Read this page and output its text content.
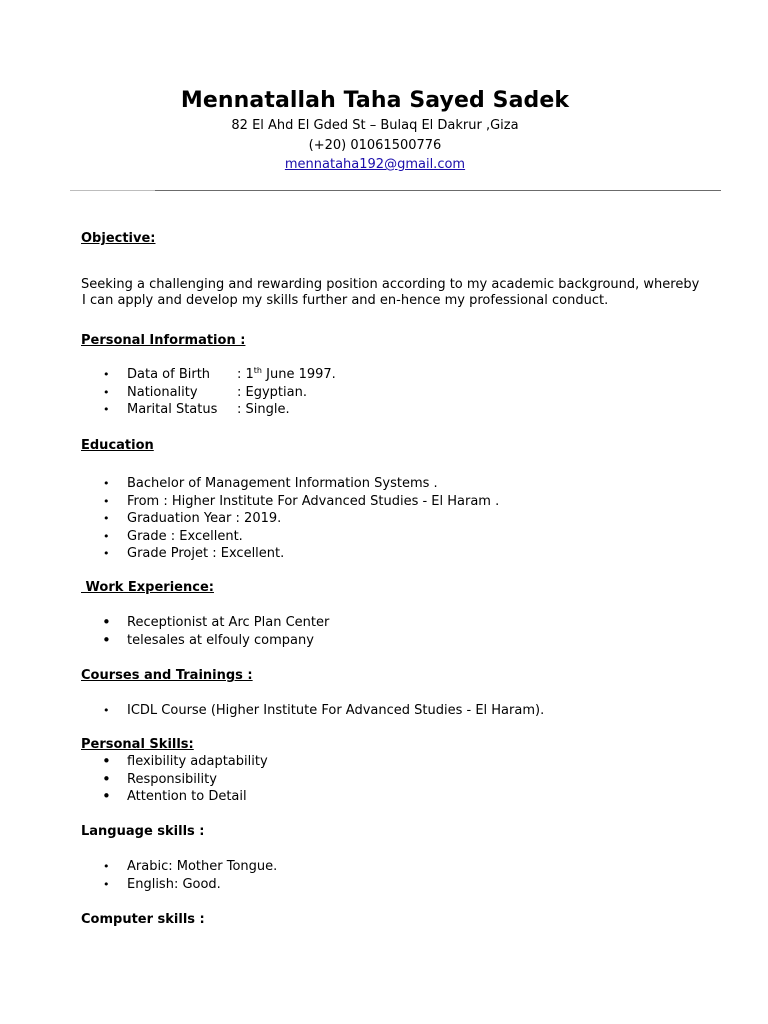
Mennatallah Taha Sayed Sadek
82 El Ahd El Gded St – Bulaq El Dakrur ,Giza
(+20) 01061500776
mennataha192@gmail.com
Objective:
Seeking a challenging and rewarding position according to my academic background, whereby
I can apply and develop my skills further and en-hence my professional conduct.
Personal Information :
• Data of Birth : 1th June 1997.
• Nationality	: Egyptian.
• Marital Status : Single.
Education
• Bachelor of Management Information Systems .
• From : Higher Institute For Advanced Studies - El Haram .
• Graduation Year : 2019.
• Grade : Excellent.
• Grade Projet : Excellent.
Work Experience:
• Receptionist at Arc Plan Center
• telesales at elfouly company
Courses and Trainings :
• ICDL Course (Higher Institute For Advanced Studies - El Haram).
Personal Skills:
• flexibility adaptability
• Responsibility
• Attention to Detail
Language skills :
• Arabic: Mother Tongue.
• English: Good.
Computer skills :
